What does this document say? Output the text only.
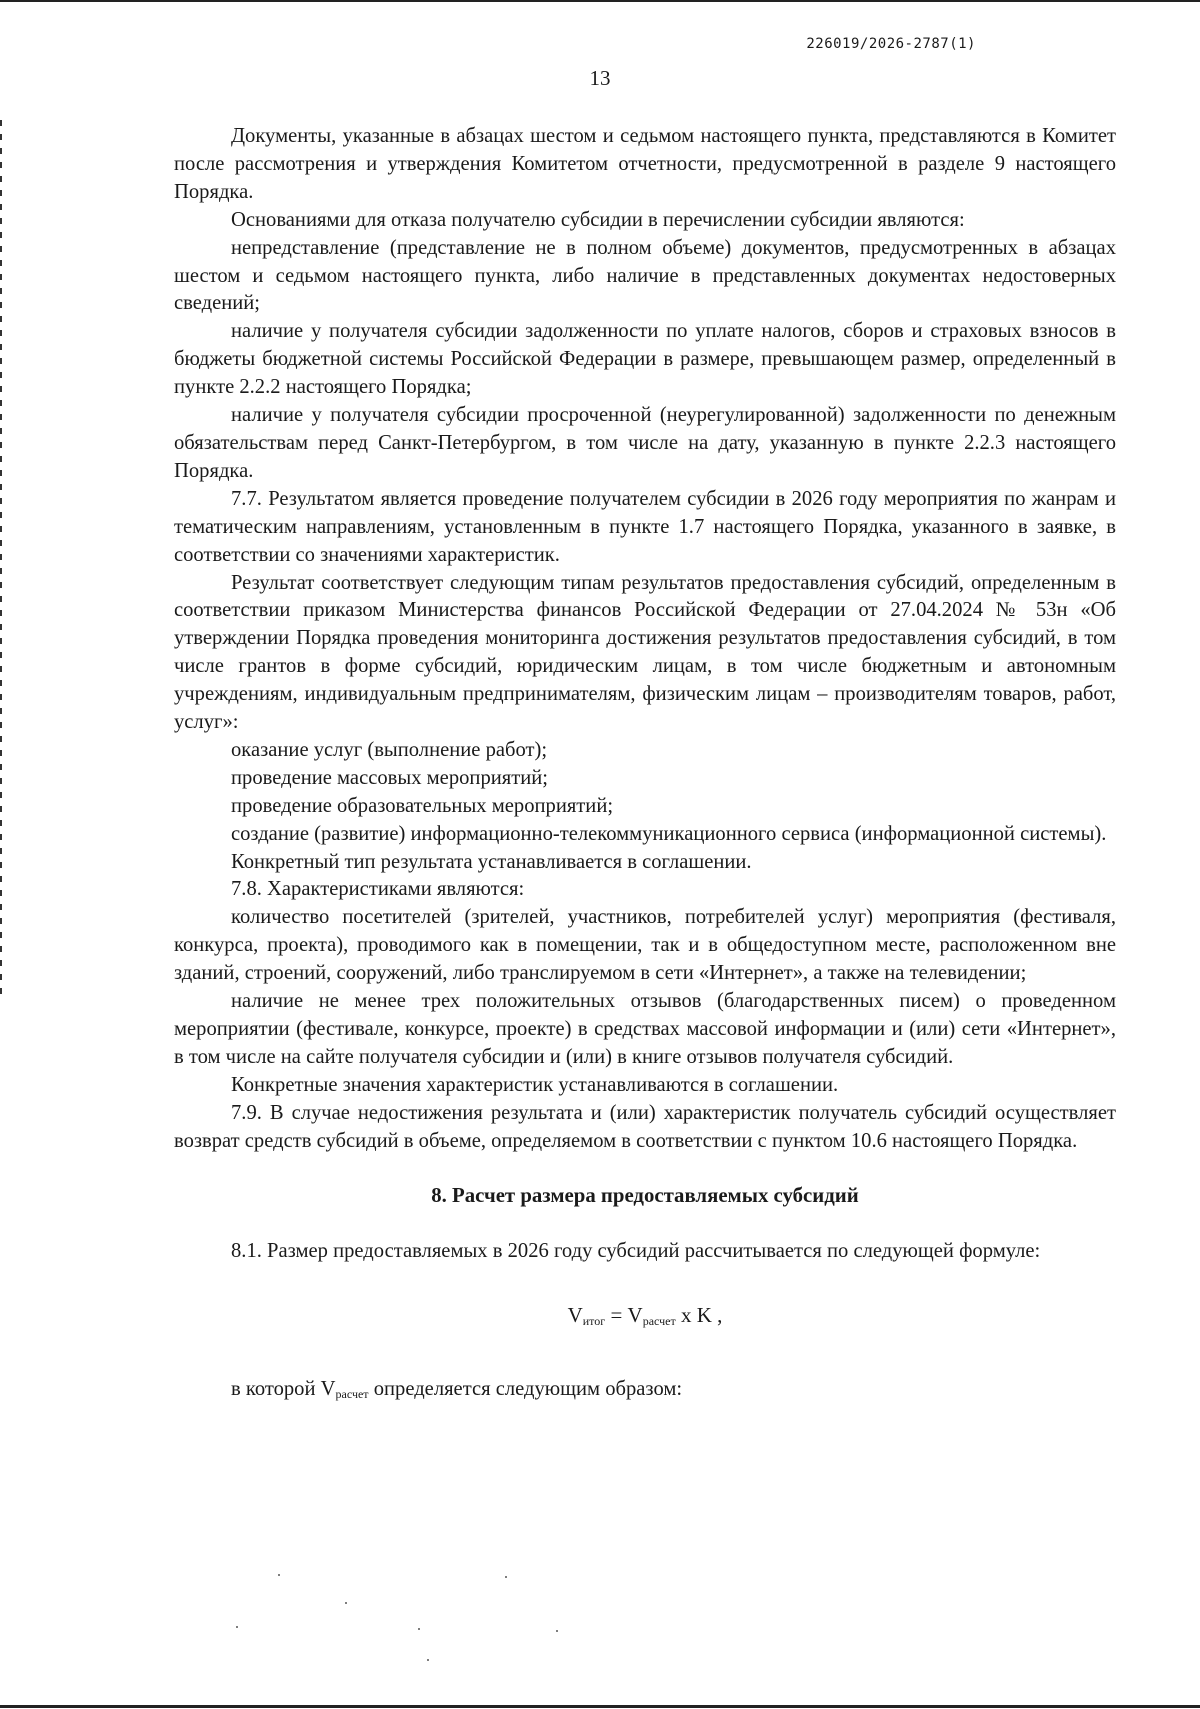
226019/2026-2787(1)
13

Документы, указанные в абзацах шестом и седьмом настоящего пункта, представляются в Комитет после рассмотрения и утверждения Комитетом отчетности, предусмотренной в разделе 9 настоящего Порядка.

Основаниями для отказа получателю субсидии в перечислении субсидии являются:

непредставление (представление не в полном объеме) документов, предусмотренных в абзацах шестом и седьмом настоящего пункта, либо наличие в представленных документах недостоверных сведений;

наличие у получателя субсидии задолженности по уплате налогов, сборов и страховых взносов в бюджеты бюджетной системы Российской Федерации в размере, превышающем размер, определенный в пункте 2.2.2 настоящего Порядка;

наличие у получателя субсидии просроченной (неурегулированной) задолженности по денежным обязательствам перед Санкт-Петербургом, в том числе на дату, указанную в пункте 2.2.3 настоящего Порядка.

7.7. Результатом является проведение получателем субсидии в 2026 году мероприятия по жанрам и тематическим направлениям, установленным в пункте 1.7 настоящего Порядка, указанного в заявке, в соответствии со значениями характеристик.

Результат соответствует следующим типам результатов предоставления субсидий, определенным в соответствии приказом Министерства финансов Российской Федерации от 27.04.2024 № 53н «Об утверждении Порядка проведения мониторинга достижения результатов предоставления субсидий, в том числе грантов в форме субсидий, юридическим лицам, в том числе бюджетным и автономным учреждениям, индивидуальным предпринимателям, физическим лицам – производителям товаров, работ, услуг»:

оказание услуг (выполнение работ);

проведение массовых мероприятий;

проведение образовательных мероприятий;

создание (развитие) информационно-телекоммуникационного сервиса (информационной системы).

Конкретный тип результата устанавливается в соглашении.

7.8. Характеристиками являются:

количество посетителей (зрителей, участников, потребителей услуг) мероприятия (фестиваля, конкурса, проекта), проводимого как в помещении, так и в общедоступном месте, расположенном вне зданий, строений, сооружений, либо транслируемом в сети «Интернет», а также на телевидении;

наличие не менее трех положительных отзывов (благодарственных писем) о проведенном мероприятии (фестивале, конкурсе, проекте) в средствах массовой информации и (или) сети «Интернет», в том числе на сайте получателя субсидии и (или) в книге отзывов получателя субсидий.

Конкретные значения характеристик устанавливаются в соглашении.

7.9. В случае недостижения результата и (или) характеристик получатель субсидий осуществляет возврат средств субсидий в объеме, определяемом в соответствии с пунктом 10.6 настоящего Порядка.

8. Расчет размера предоставляемых субсидий

8.1. Размер предоставляемых в 2026 году субсидий рассчитывается по следующей формуле:

$V_{итог} = V_{расчет}$ x K ,

в которой $V_{расчет}$ определяется следующим образом:
